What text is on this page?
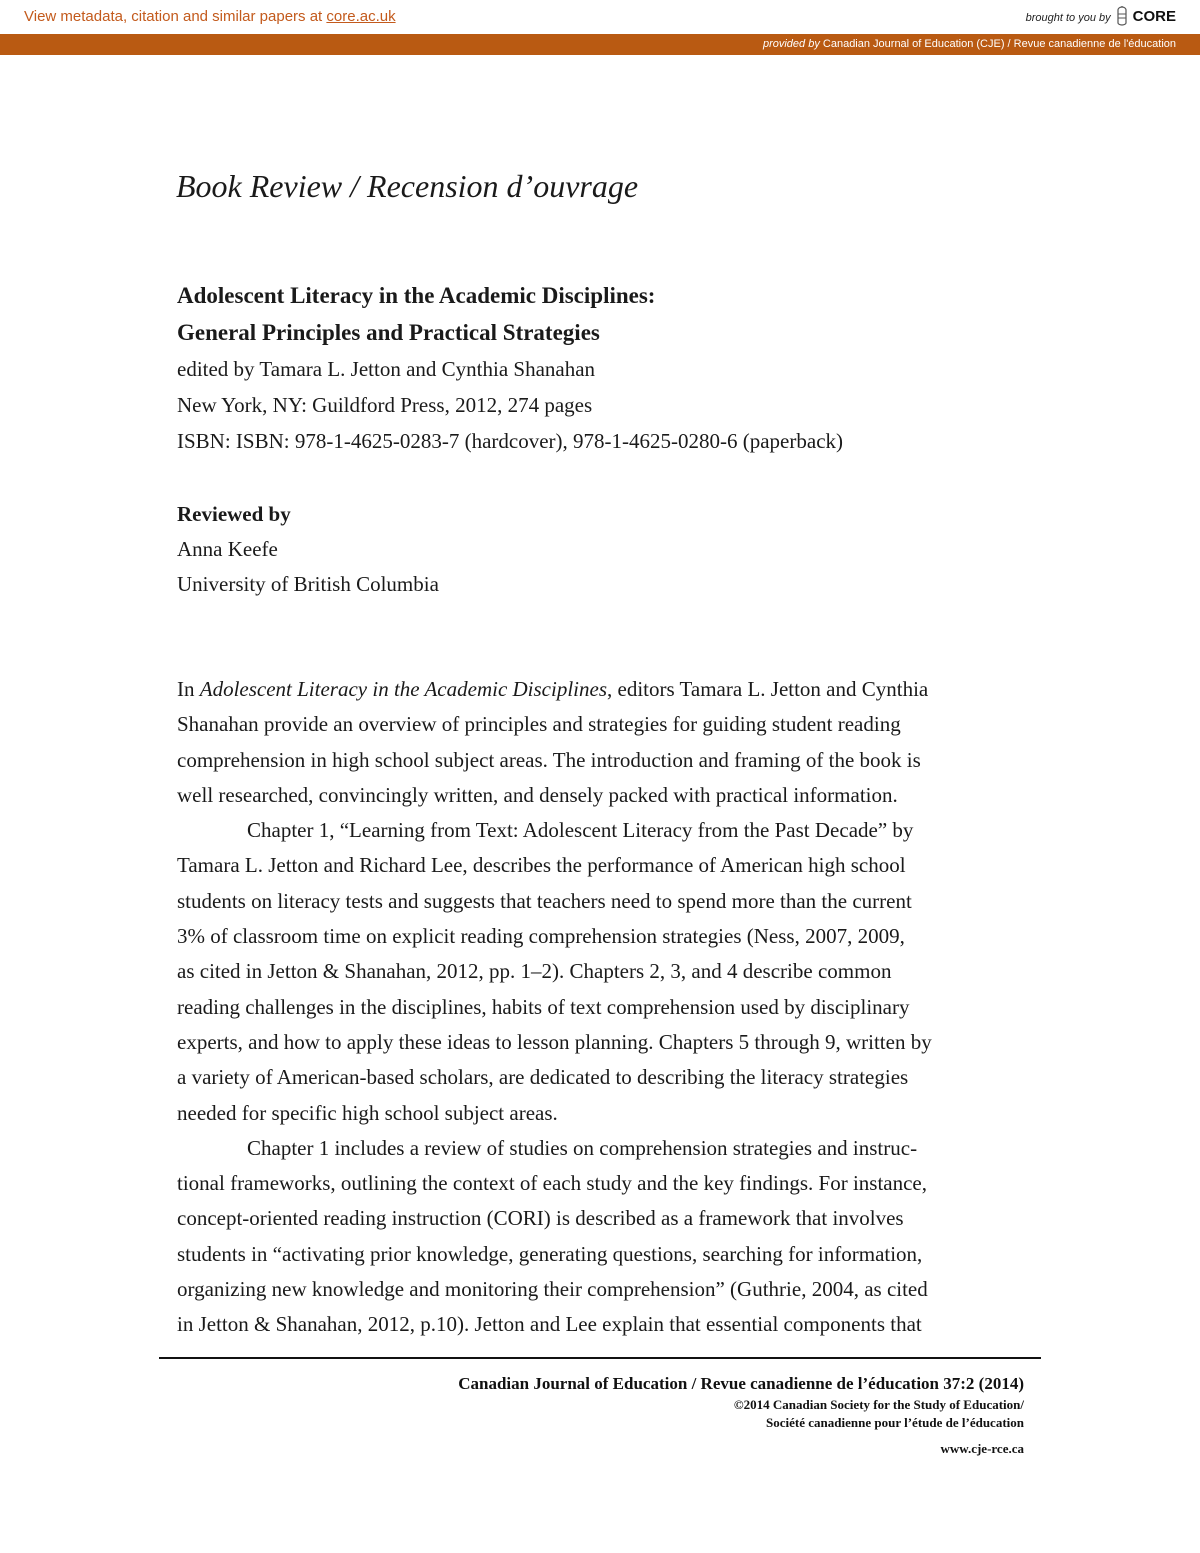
View metadata, citation and similar papers at core.ac.uk	brought to you by CORE
provided by Canadian Journal of Education (CJE) / Revue canadienne de l'éducation
Book Review / Recension d’ouvrage

Adolescent Literacy in the Academic Disciplines:

General Principles and Practical Strategies

edited by Tamara L. Jetton and Cynthia Shanahan

New York, NY: Guildford Press, 2012, 274 pages

ISBN: ISBN: 978-1-4625-0283-7 (hardcover), 978-1-4625-0280-6 (paperback)

Reviewed by

Anna Keefe

University of British Columbia

In Adolescent Literacy in the Academic Disciplines, editors Tamara L. Jetton and Cynthia
Shanahan provide an overview of principles and strategies for guiding student reading
comprehension in high school subject areas. The introduction and framing of the book is
well researched, convincingly written, and densely packed with practical information.
Chapter 1, “Learning from Text: Adolescent Literacy from the Past Decade” by
Tamara L. Jetton and Richard Lee, describes the performance of American high school
students on literacy tests and suggests that teachers need to spend more than the current
3% of classroom time on explicit reading comprehension strategies (Ness, 2007, 2009,
as cited in Jetton & Shanahan, 2012, pp. 1–2). Chapters 2, 3, and 4 describe common
reading challenges in the disciplines, habits of text comprehension used by disciplinary
experts, and how to apply these ideas to lesson planning. Chapters 5 through 9, written by
a variety of American-based scholars, are dedicated to describing the literacy strategies
needed for specific high school subject areas.
Chapter 1 includes a review of studies on comprehension strategies and instruc-
tional frameworks, outlining the context of each study and the key findings. For instance,
concept-oriented reading instruction (CORI) is described as a framework that involves
students in “activating prior knowledge, generating questions, searching for information,
organizing new knowledge and monitoring their comprehension” (Guthrie, 2004, as cited
in Jetton & Shanahan, 2012, p.10). Jetton and Lee explain that essential components that
Canadian Journal of Education / Revue canadienne de l’éducation 37:2 (2014)
©2014 Canadian Society for the Study of Education/
Société canadienne pour l’étude de l’éducation
www.cje-rce.ca
